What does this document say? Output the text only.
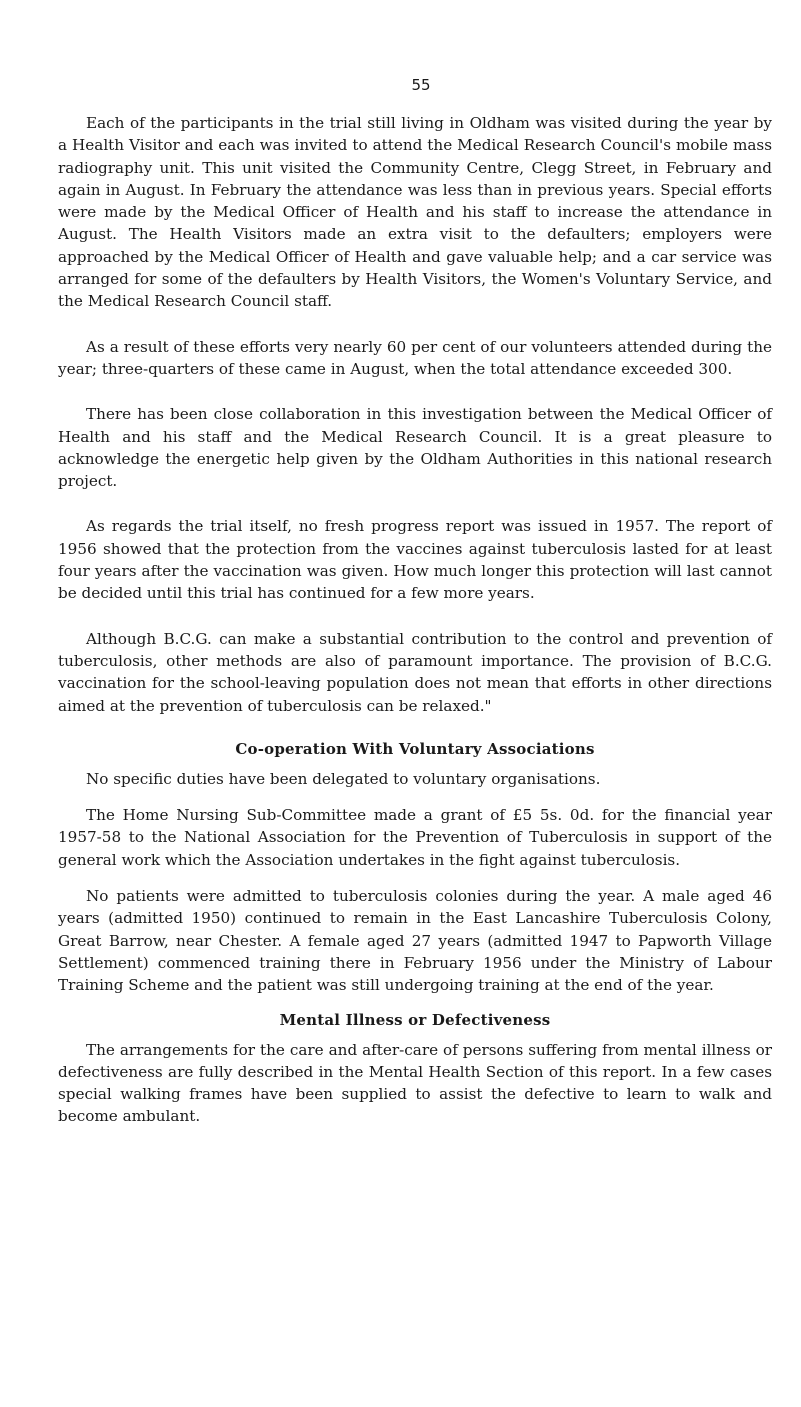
55

Each of the participants in the trial still living in Oldham was visited during the year by a Health Visitor and each was invited to attend the Medical Research Council's mobile mass radiography unit. This unit visited the Community Centre, Clegg Street, in February and again in August. In February the attendance was less than in previous years. Special efforts were made by the Medical Officer of Health and his staff to increase the attendance in August. The Health Visitors made an extra visit to the defaulters; employers were approached by the Medical Officer of Health and gave valuable help; and a car service was arranged for some of the defaulters by Health Visitors, the Women's Voluntary Service, and the Medical Research Council staff.

As a result of these efforts very nearly 60 per cent of our volunteers attended during the year; three-quarters of these came in August, when the total attendance exceeded 300.

There has been close collaboration in this investigation between the Medical Officer of Health and his staff and the Medical Research Council. It is a great pleasure to acknowledge the energetic help given by the Oldham Authorities in this national research project.

As regards the trial itself, no fresh progress report was issued in 1957. The report of 1956 showed that the protection from the vaccines against tuberculosis lasted for at least four years after the vaccination was given. How much longer this protection will last cannot be decided until this trial has continued for a few more years.

Although B.C.G. can make a substantial contribution to the control and prevention of tuberculosis, other methods are also of paramount importance. The provision of B.C.G. vaccination for the school-leaving population does not mean that efforts in other directions aimed at the prevention of tuberculosis can be relaxed."

Co-operation With Voluntary Associations

No specific duties have been delegated to voluntary organisations.

The Home Nursing Sub-Committee made a grant of £5 5s. 0d. for the financial year 1957-58 to the National Association for the Prevention of Tuberculosis in support of the general work which the Association undertakes in the fight against tuberculosis.

No patients were admitted to tuberculosis colonies during the year. A male aged 46 years (admitted 1950) continued to remain in the East Lancashire Tuberculosis Colony, Great Barrow, near Chester. A female aged 27 years (admitted 1947 to Papworth Village Settlement) commenced training there in February 1956 under the Ministry of Labour Training Scheme and the patient was still undergoing training at the end of the year.

Mental Illness or Defectiveness

The arrangements for the care and after-care of persons suffering from mental illness or defectiveness are fully described in the Mental Health Section of this report. In a few cases special walking frames have been supplied to assist the defective to learn to walk and become ambulant.
